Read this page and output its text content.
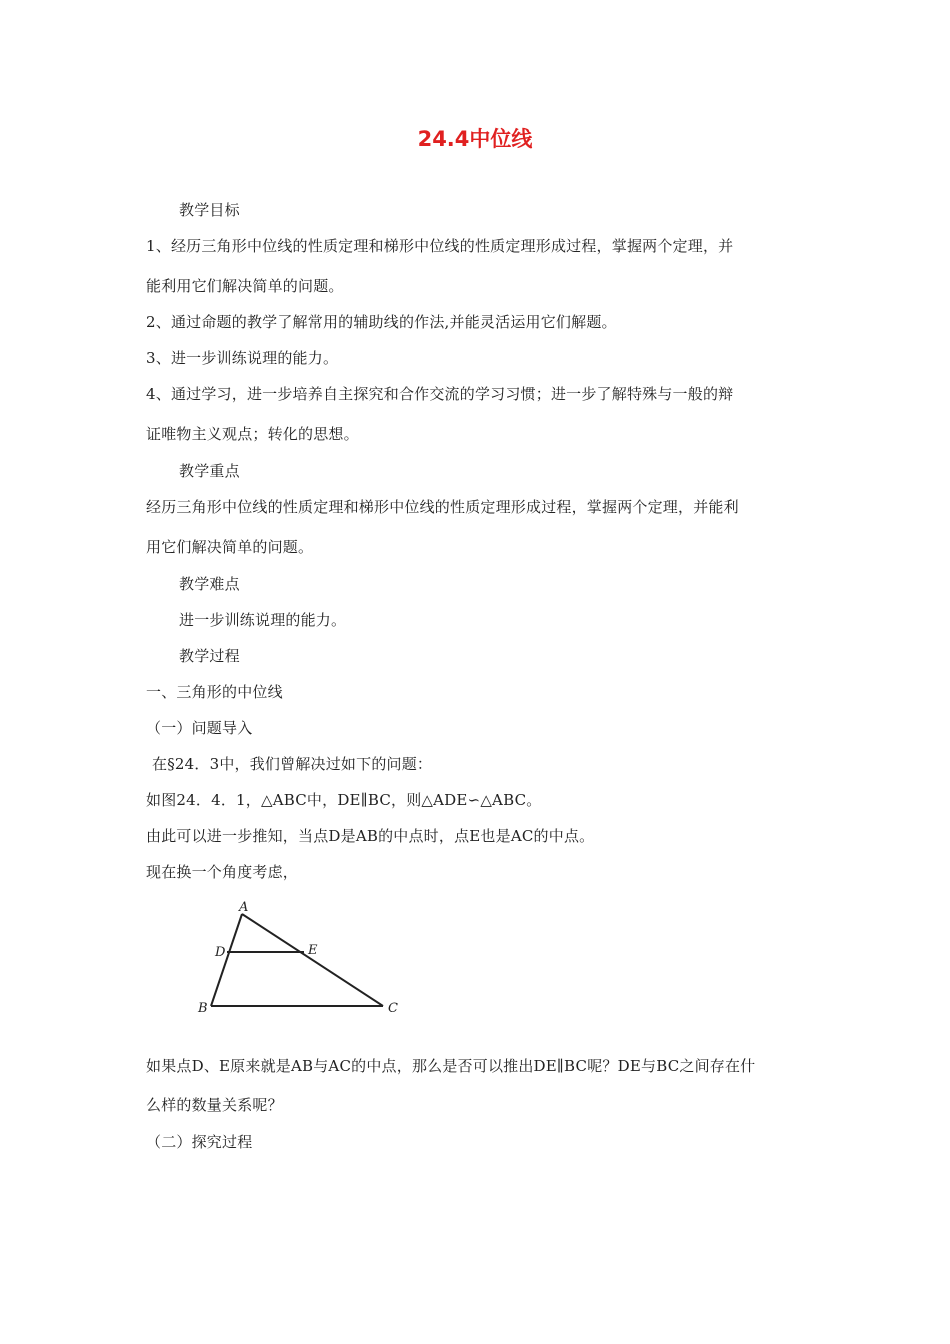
24.4中位线
教学目标
1、经历三角形中位线的性质定理和梯形中位线的性质定理形成过程，掌握两个定理，并
能利用它们解决简单的问题。
2、通过命题的教学了解常用的辅助线的作法,并能灵活运用它们解题。
3、进一步训练说理的能力。
4、通过学习，进一步培养自主探究和合作交流的学习习惯；进一步了解特殊与一般的辩
证唯物主义观点；转化的思想。
教学重点
经历三角形中位线的性质定理和梯形中位线的性质定理形成过程，掌握两个定理，并能利
用它们解决简单的问题。
教学难点
进一步训练说理的能力。
教学过程
一、三角形的中位线
（一）问题导入
在§24．3中，我们曾解决过如下的问题：
如图24．4．1，△ABC中，DE∥BC，则△ADE∽△ABC。
由此可以进一步推知，当点D是AB的中点时，点E也是AC的中点。
现在换一个角度考虑，
A
B	C
D	E
如果点D、E原来就是AB与AC的中点，那么是否可以推出DE∥BC呢？DE与BC之间存在什
么样的数量关系呢？
（二）探究过程
